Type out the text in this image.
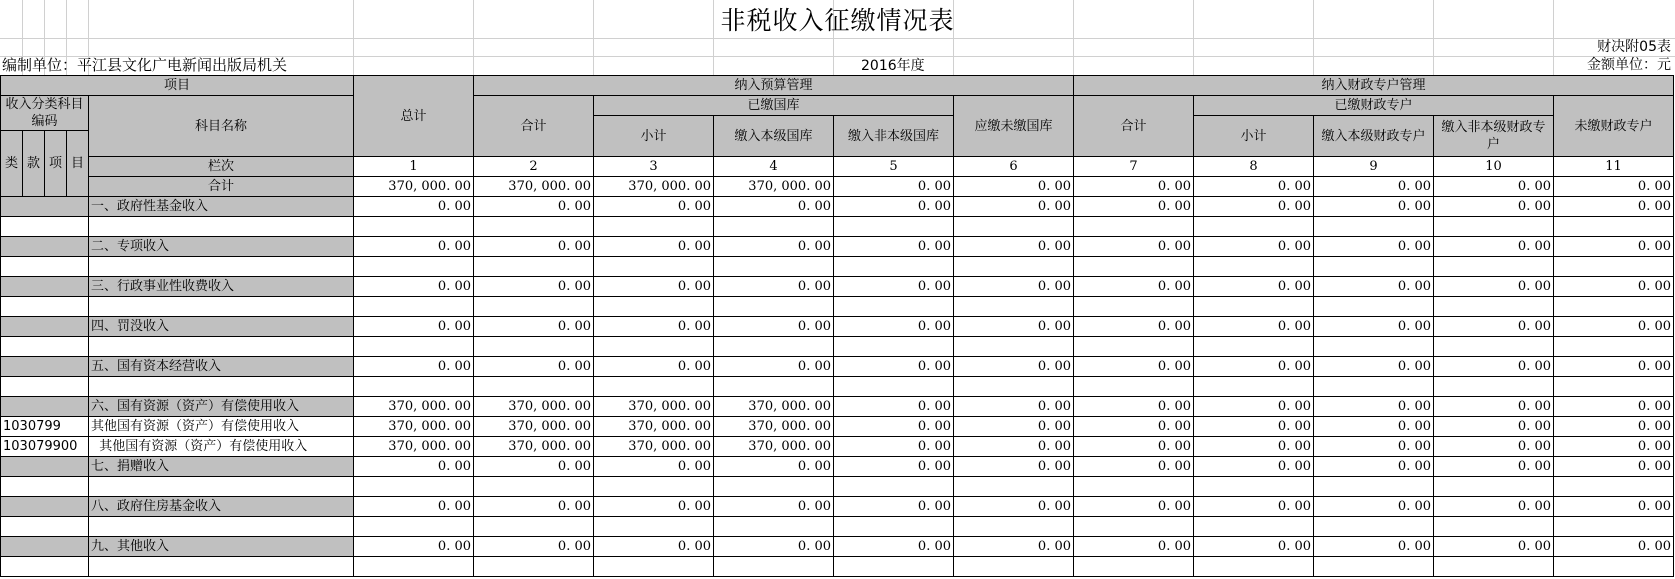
非税收入征缴情况表
财决附05表
编制单位：平江县文化广电新闻出版局机关	2016年度	金额单位：元
项目					总计	纳入预算管理					纳入财政专户管理				
收入分类科目编码				科目名称		合计	已缴国库			应缴未缴国库	合计	已缴财政专户			未缴财政专户
							小计	缴入本级国库	缴入非本级国库			小计	缴入本级财政专户	缴入非本级财政专户	
类	款	项	目												
				栏次	1	2	3	4	5	6	7	8	9	10	11
				合计	370, 000. 00	370, 000. 00	370, 000. 00	370, 000. 00	0. 00	0. 00	0. 00	0. 00	0. 00	0. 00	0. 00
				一、政府性基金收入	0. 00	0. 00	0. 00	0. 00	0. 00	0. 00	0. 00	0. 00	0. 00	0. 00	0. 00

				二、专项收入	0. 00	0. 00	0. 00	0. 00	0. 00	0. 00	0. 00	0. 00	0. 00	0. 00	0. 00

				三、行政事业性收费收入	0. 00	0. 00	0. 00	0. 00	0. 00	0. 00	0. 00	0. 00	0. 00	0. 00	0. 00

				四、罚没收入	0. 00	0. 00	0. 00	0. 00	0. 00	0. 00	0. 00	0. 00	0. 00	0. 00	0. 00

				五、国有资本经营收入	0. 00	0. 00	0. 00	0. 00	0. 00	0. 00	0. 00	0. 00	0. 00	0. 00	0. 00

				六、国有资源（资产）有偿使用收入	370, 000. 00	370, 000. 00	370, 000. 00	370, 000. 00	0. 00	0. 00	0. 00	0. 00	0. 00	0. 00	0. 00
1030799				其他国有资源（资产）有偿使用收入	370, 000. 00	370, 000. 00	370, 000. 00	370, 000. 00	0. 00	0. 00	0. 00	0. 00	0. 00	0. 00	0. 00
103079900				其他国有资源（资产）有偿使用收入	370, 000. 00	370, 000. 00	370, 000. 00	370, 000. 00	0. 00	0. 00	0. 00	0. 00	0. 00	0. 00	0. 00
				七、捐赠收入	0. 00	0. 00	0. 00	0. 00	0. 00	0. 00	0. 00	0. 00	0. 00	0. 00	0. 00

				八、政府住房基金收入	0. 00	0. 00	0. 00	0. 00	0. 00	0. 00	0. 00	0. 00	0. 00	0. 00	0. 00

				九、其他收入	0. 00	0. 00	0. 00	0. 00	0. 00	0. 00	0. 00	0. 00	0. 00	0. 00	0. 00
